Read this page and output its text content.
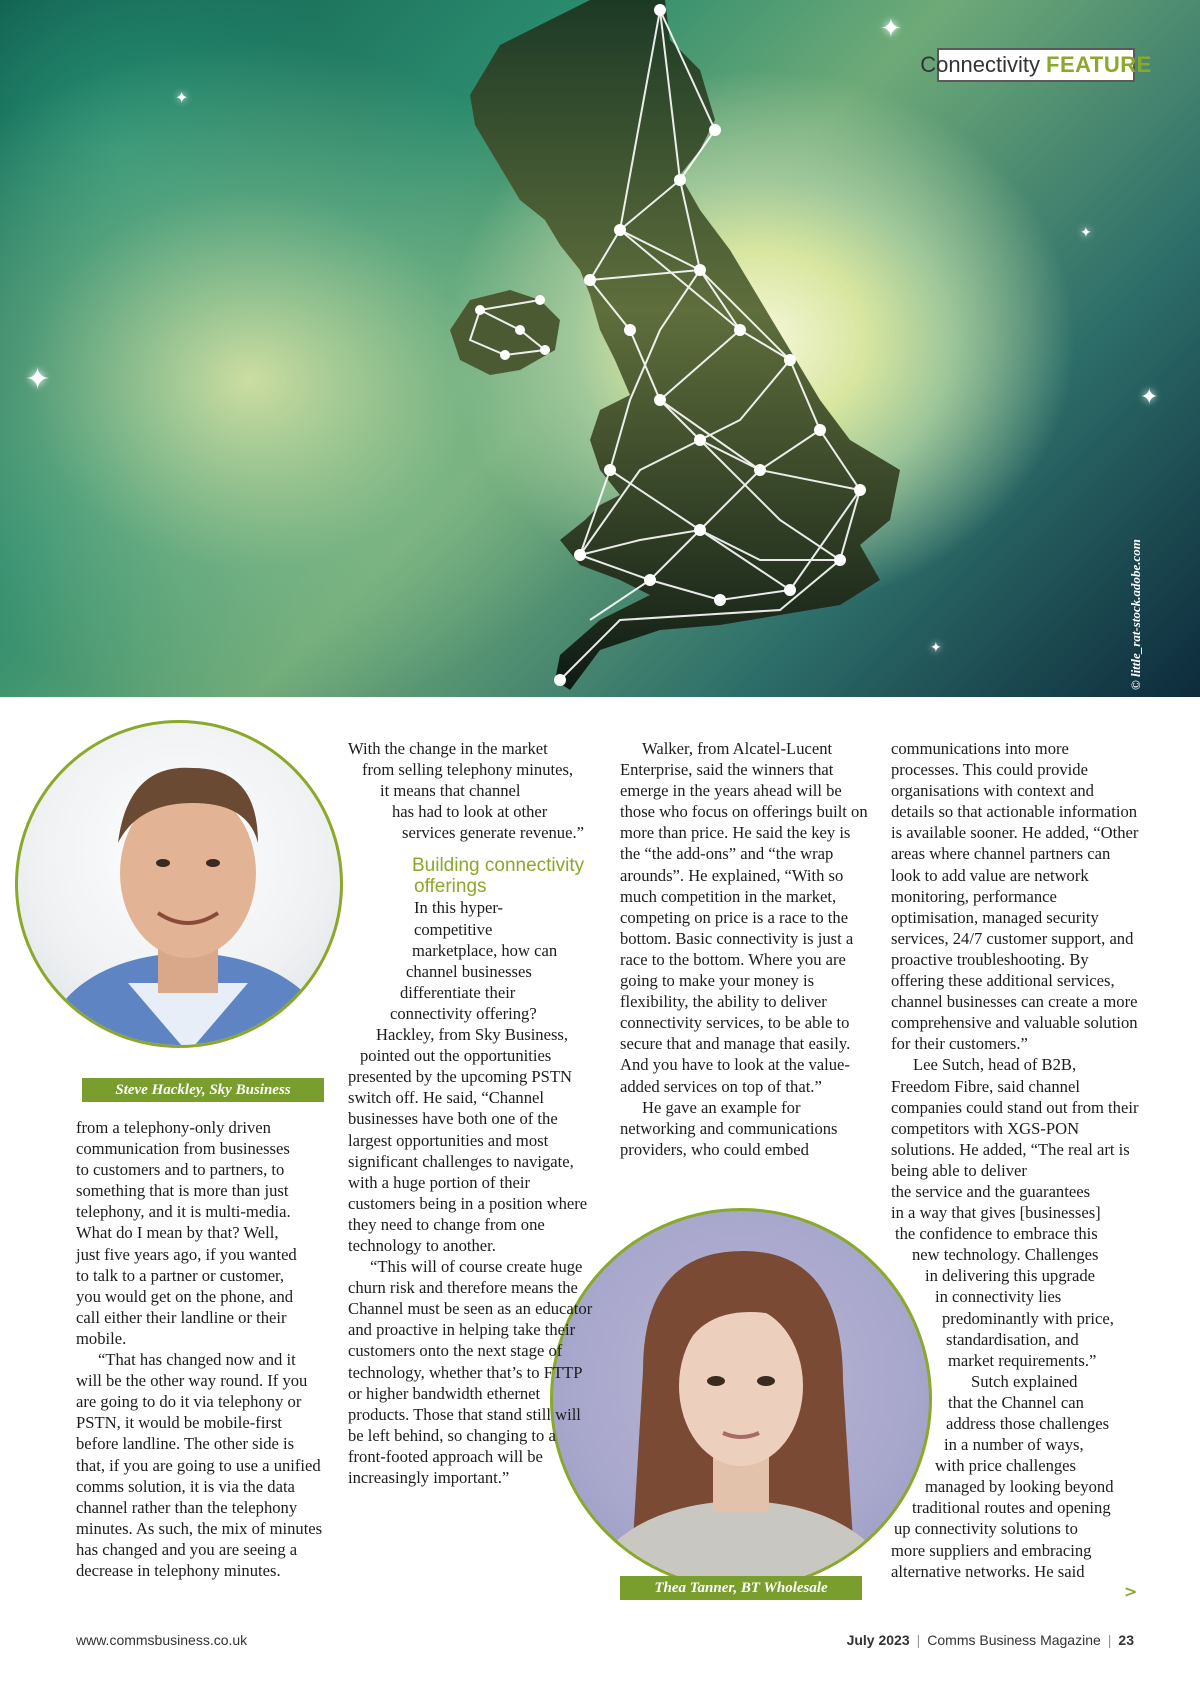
✦
✦
✦
✦
✦
✦
Connectivity FEATURE
© little_rat-stock.adobe.com
Steve Hackley, Sky Business
Thea Tanner, BT Wholesale

from a telephony-only driven
communication from businesses
to customers and to partners, to
something that is more than just
telephony, and it is multi-media.
What do I mean by that? Well,
just five years ago, if you wanted
to talk to a partner or customer,
you would get on the phone, and
call either their landline or their
mobile.

“That has changed now and it will be the other way round. If you are going to do it via telephony or PSTN, it would be mobile-first before landline. The other side is that, if you are going to use a unified comms solution, it is via the data channel rather than the telephony minutes. As such, the mix of minutes has changed and you are seeing a decrease in telephony minutes.

With the change in the market
from selling telephony minutes,
it means that channel
has had to look at other
services generate revenue.”
Building connectivity
offerings
In this hyper-
competitive
marketplace, how can
channel businesses
differentiate their
connectivity offering?
Hackley, from Sky Business,
pointed out the opportunities

presented by the upcoming PSTN switch off. He said, “Channel businesses have both one of the largest opportunities and most significant challenges to navigate, with a huge portion of their customers being in a position where they need to change from one technology to another.

“This will of course create huge churn risk and therefore means the Channel must be seen as an educator and proactive in helping take their customers onto the next stage of technology, whether that’s to FTTP or higher bandwidth ethernet products. Those that stand still will be left behind, so changing to a front-footed approach will be increasingly important.”

Walker, from Alcatel-Lucent Enterprise, said the winners that emerge in the years ahead will be those who focus on offerings built on more than price. He said the key is the “the add-ons” and “the wrap arounds”. He explained, “With so much competition in the market, competing on price is a race to the bottom. Basic connectivity is just a race to the bottom. Where you are going to make your money is flexibility, the ability to deliver connectivity services, to be able to secure that and manage that easily. And you have to look at the value-added services on top of that.”

He gave an example for networking and communications providers, who could embed

communications into more processes. This could provide organisations with context and details so that actionable information is available sooner. He added, “Other areas where channel partners can look to add value are network monitoring, performance optimisation, managed security services, 24/7 customer support, and proactive troubleshooting. By offering these additional services, channel businesses can create a more comprehensive and valuable solution for their customers.”

Lee Sutch, head of B2B, Freedom Fibre, said channel companies could stand out from their competitors with XGS-PON solutions. He added, “The real art is being able to deliver

the service and the guarantees
in a way that gives [businesses]
the confidence to embrace this
new technology. Challenges
in delivering this upgrade
in connectivity lies
predominantly with price,
standardisation, and
market requirements.”
Sutch explained
that the Channel can
address those challenges
in a number of ways,
with price challenges
managed by looking beyond
traditional routes and opening
up connectivity solutions to
more suppliers and embracing
alternative networks. He said
>
www.commsbusiness.co.uk	July 2023 | Comms Business Magazine | 23
